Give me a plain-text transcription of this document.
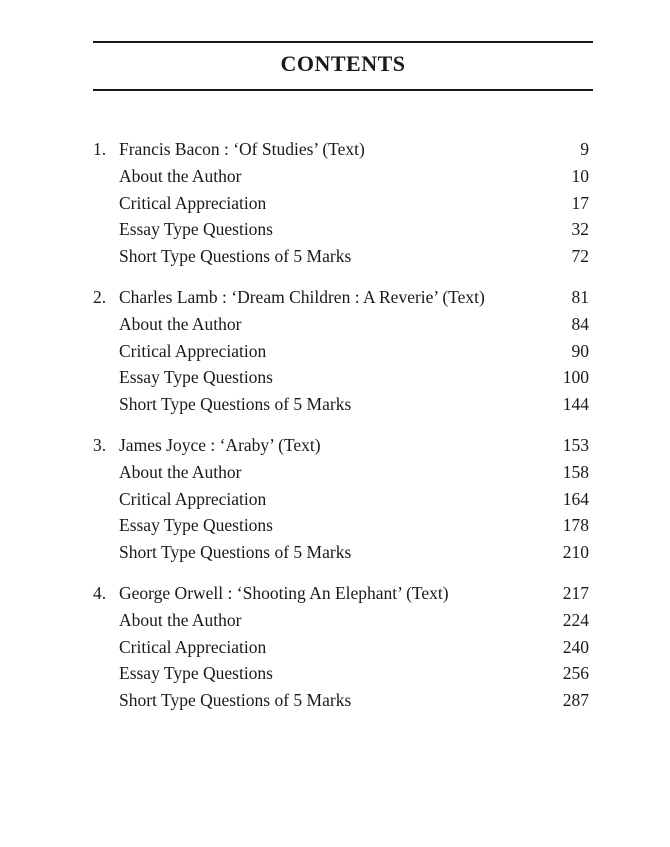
CONTENTS
1. Francis Bacon : ‘Of Studies’ (Text)	9
About the Author	10
Critical Appreciation	17
Essay Type Questions	32
Short Type Questions of 5 Marks	72
2. Charles Lamb : ‘Dream Children : A Reverie’ (Text)	81
About the Author	84
Critical Appreciation	90
Essay Type Questions	100
Short Type Questions of 5 Marks	144
3. James Joyce : ‘Araby’ (Text)	153
About the Author	158
Critical Appreciation	164
Essay Type Questions	178
Short Type Questions of 5 Marks	210
4. George Orwell : ‘Shooting An Elephant’ (Text)	217
About the Author	224
Critical Appreciation	240
Essay Type Questions	256
Short Type Questions of 5 Marks	287
